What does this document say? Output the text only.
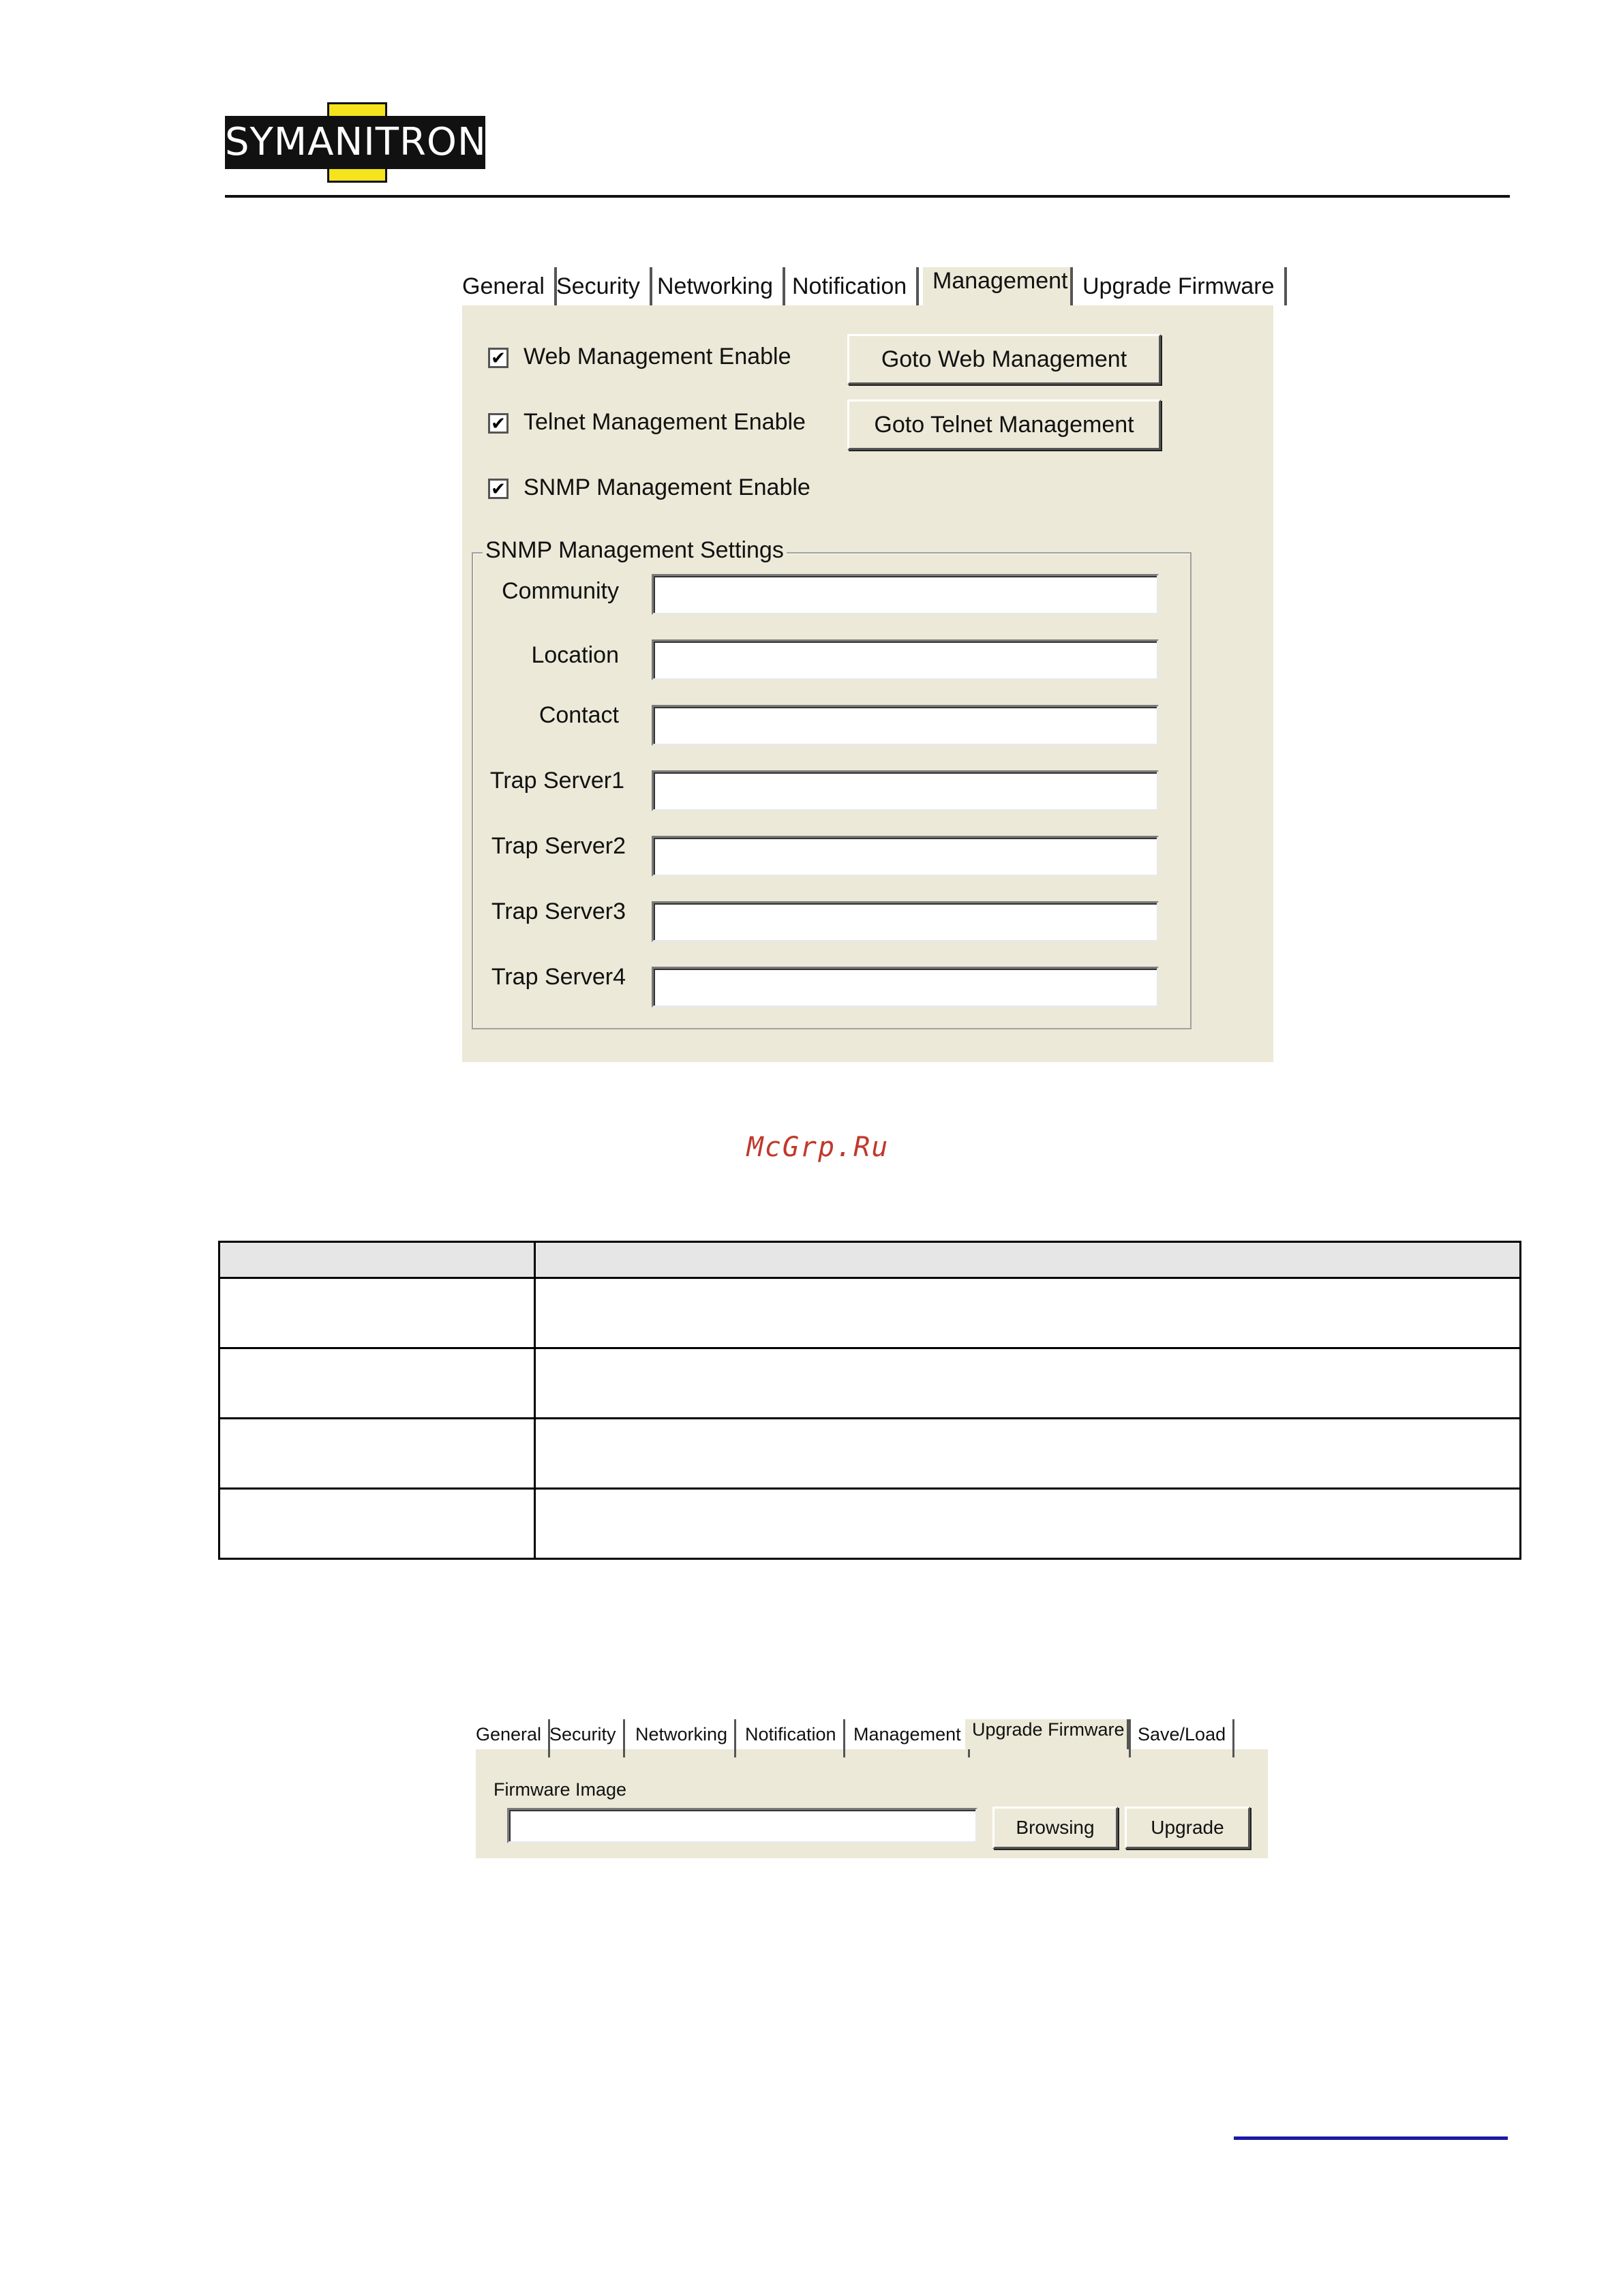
SYMANITRON
General Security Networking Notification	Management Upgrade Firmware
✔ Web Management Enable
✔ Telnet Management Enable
✔ SNMP Management Enable
Goto Web Management
Goto Telnet Management
SNMP Management Settings
Community
Location
Contact
Trap Server1
Trap Server2
Trap Server3
Trap Server4
McGrp.Ru

General Security	Networking Notification Management Upgrade Firmware Save/Load
Firmware Image
Browsing	Upgrade
